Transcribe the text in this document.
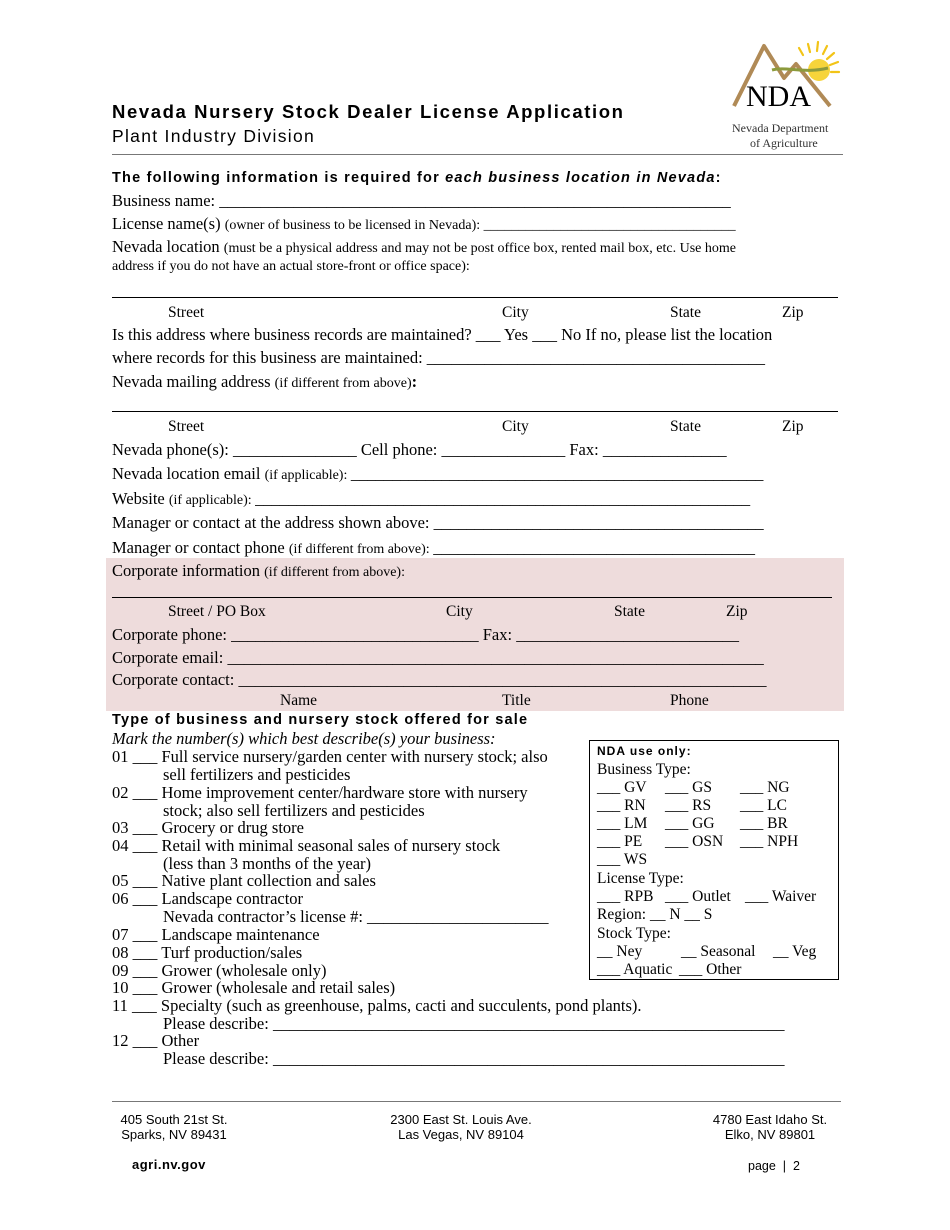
Nevada Nursery Stock Dealer License Application
Plant Industry Division
NDA
Nevada Department
of Agriculture
The following information is required for each business location in Nevada:
Business name: ______________________________________________________________
License name(s) (owner of business to be licensed in Nevada): ____________________________________
Nevada location (must be a physical address and may not be post office box, rented mail box, etc. Use home
address if you do not have an actual store-front or office space):
Street	City	State	Zip
Is this address where business records are maintained? ___ Yes ___ No If no, please list the location
where records for this business are maintained: _________________________________________
Nevada mailing address (if different from above):
Street	City	State	Zip
Nevada phone(s): _______________ Cell phone: _______________ Fax: _______________
Nevada location email (if applicable): __________________________________________________
Website (if applicable): ____________________________________________________________
Manager or contact at the address shown above: ________________________________________
Manager or contact phone (if different from above): _______________________________________
Corporate information (if different from above):
Street / PO Box	City	State	Zip
Corporate phone: ______________________________ Fax: ___________________________
Corporate email: _________________________________________________________________
Corporate contact: ________________________________________________________________
Name	Title	Phone
Type of business and nursery stock offered for sale
Mark the number(s) which best describe(s) your business:
01 ___ Full service nursery/garden center with nursery stock; also
sell fertilizers and pesticides
02 ___ Home improvement center/hardware store with nursery
stock; also sell fertilizers and pesticides
03 ___ Grocery or drug store
04 ___ Retail with minimal seasonal sales of nursery stock
(less than 3 months of the year)
05 ___ Native plant collection and sales
06 ___ Landscape contractor
Nevada contractor’s license #: ______________________
07 ___ Landscape maintenance
08 ___ Turf production/sales
09 ___ Grower (wholesale only)
10 ___ Grower (wholesale and retail sales)
11 ___ Specialty (such as greenhouse, palms, cacti and succulents, pond plants).
Please describe: ______________________________________________________________
12 ___ Other
Please describe: ______________________________________________________________
NDA use only:
Business Type:
___ GV ___ GS ___ NG
___ RN ___ RS ___ LC
___ LM ___ GG ___ BR
___ PE ___ OSN ___ NPH
___ WS
License Type:
___ RPB ___ Outlet ___ Waiver
Region: __ N __ S
Stock Type:
__ Ney	__ Seasonal __ Veg
___ Aquatic ___ Other
405 South 21st St.
Sparks, NV 89431
2300 East St. Louis Ave.
Las Vegas, NV 89104
4780 East Idaho St.
Elko, NV 89801
agri.nv.gov	page  |  2
